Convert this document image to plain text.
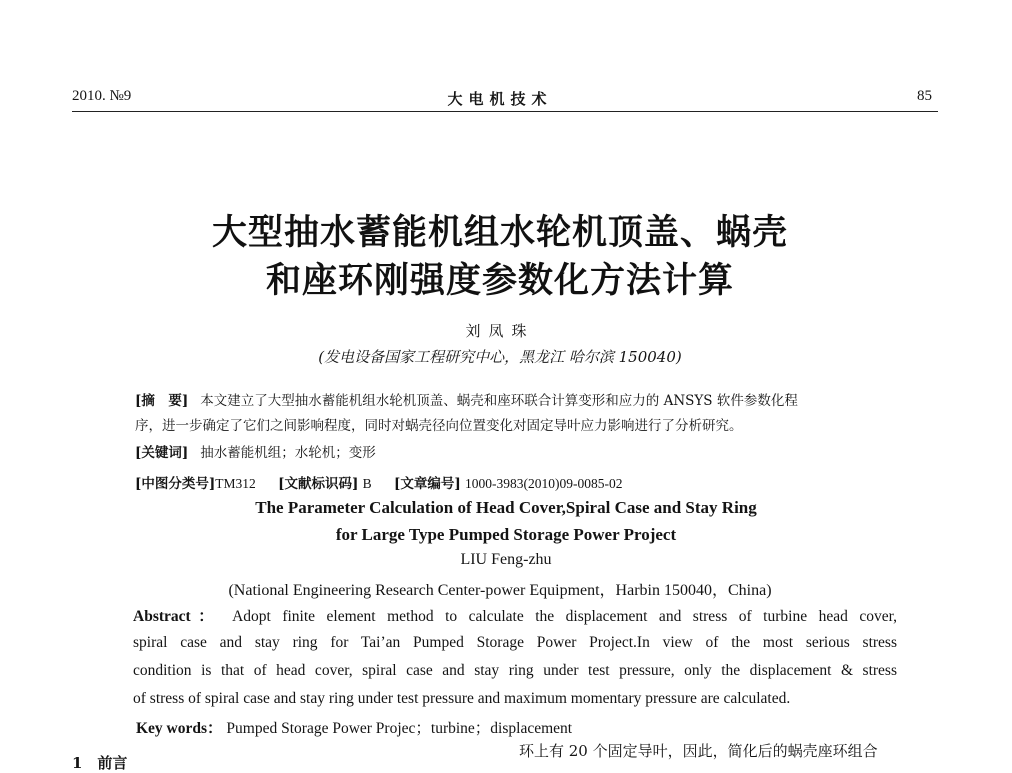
2010. №9	大电机技术	85
大型抽水蓄能机组水轮机顶盖、蜗壳
和座环刚强度参数化方法计算
刘凤珠
(发电设备国家工程研究中心，黑龙江 哈尔滨 150040)
[摘　要] 本文建立了大型抽水蓄能机组水轮机顶盖、蜗壳和座环联合计算变形和应力的 ANSYS 软件参数化程
序，进一步确定了它们之间影响程度，同时对蜗壳径向位置变化对固定导叶应力影响进行了分析研究。
[关键词] 抽水蓄能机组；水轮机；变形
[中图分类号]TM312 [文献标识码] B [文章编号] 1000-3983(2010)09-0085-02
The Parameter Calculation of Head Cover,Spiral Case and Stay Ring
for Large Type Pumped Storage Power Project
LIU Feng-zhu
(National Engineering Research Center-power Equipment，Harbin 150040，China)
Abstract： Adopt finite element method to calculate the displacement and stress of turbine head cover,
spiral case and stay ring for Tai’an Pumped Storage Power Project.In view of the most serious stress
condition is that of head cover, spiral case and stay ring under test pressure, only the displacement & stress
of stress of spiral case and stay ring under test pressure and maximum momentary pressure are calculated.
Key words： Pumped Storage Power Projec；turbine；displacement
1　前言
环上有 20 个固定导叶，因此，简化后的蜗壳座环组合
